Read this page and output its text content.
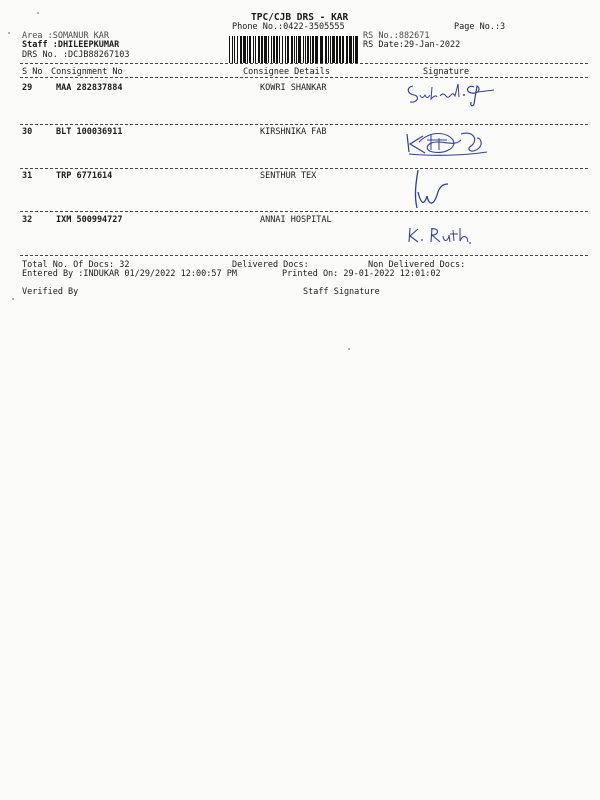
TPC/CJB DRS - KAR
Phone No.:0422-3505555
Area :SOMANUR KAR
Staff :DHILEEPKUMAR
DRS No. :DCJB88267103
RS No.:882671
RS Date:29-Jan-2022
Page No.:3
S No Consignment No	Consignee Details	Signature
29	MAA 282837884	KOWRI SHANKAR
30	BLT 100036911	KIRSHNIKA FAB
31	TRP 6771614	SENTHUR TEX
32	IXM 500994727	ANNAI HOSPITAL
Total No. Of Docs: 32	Delivered Docs:	Non Delivered Docs:
Entered By :INDUKAR 01/29/2022 12:00:57 PM	Printed On: 29-01-2022 12:01:02
Verified By	Staff Signature
